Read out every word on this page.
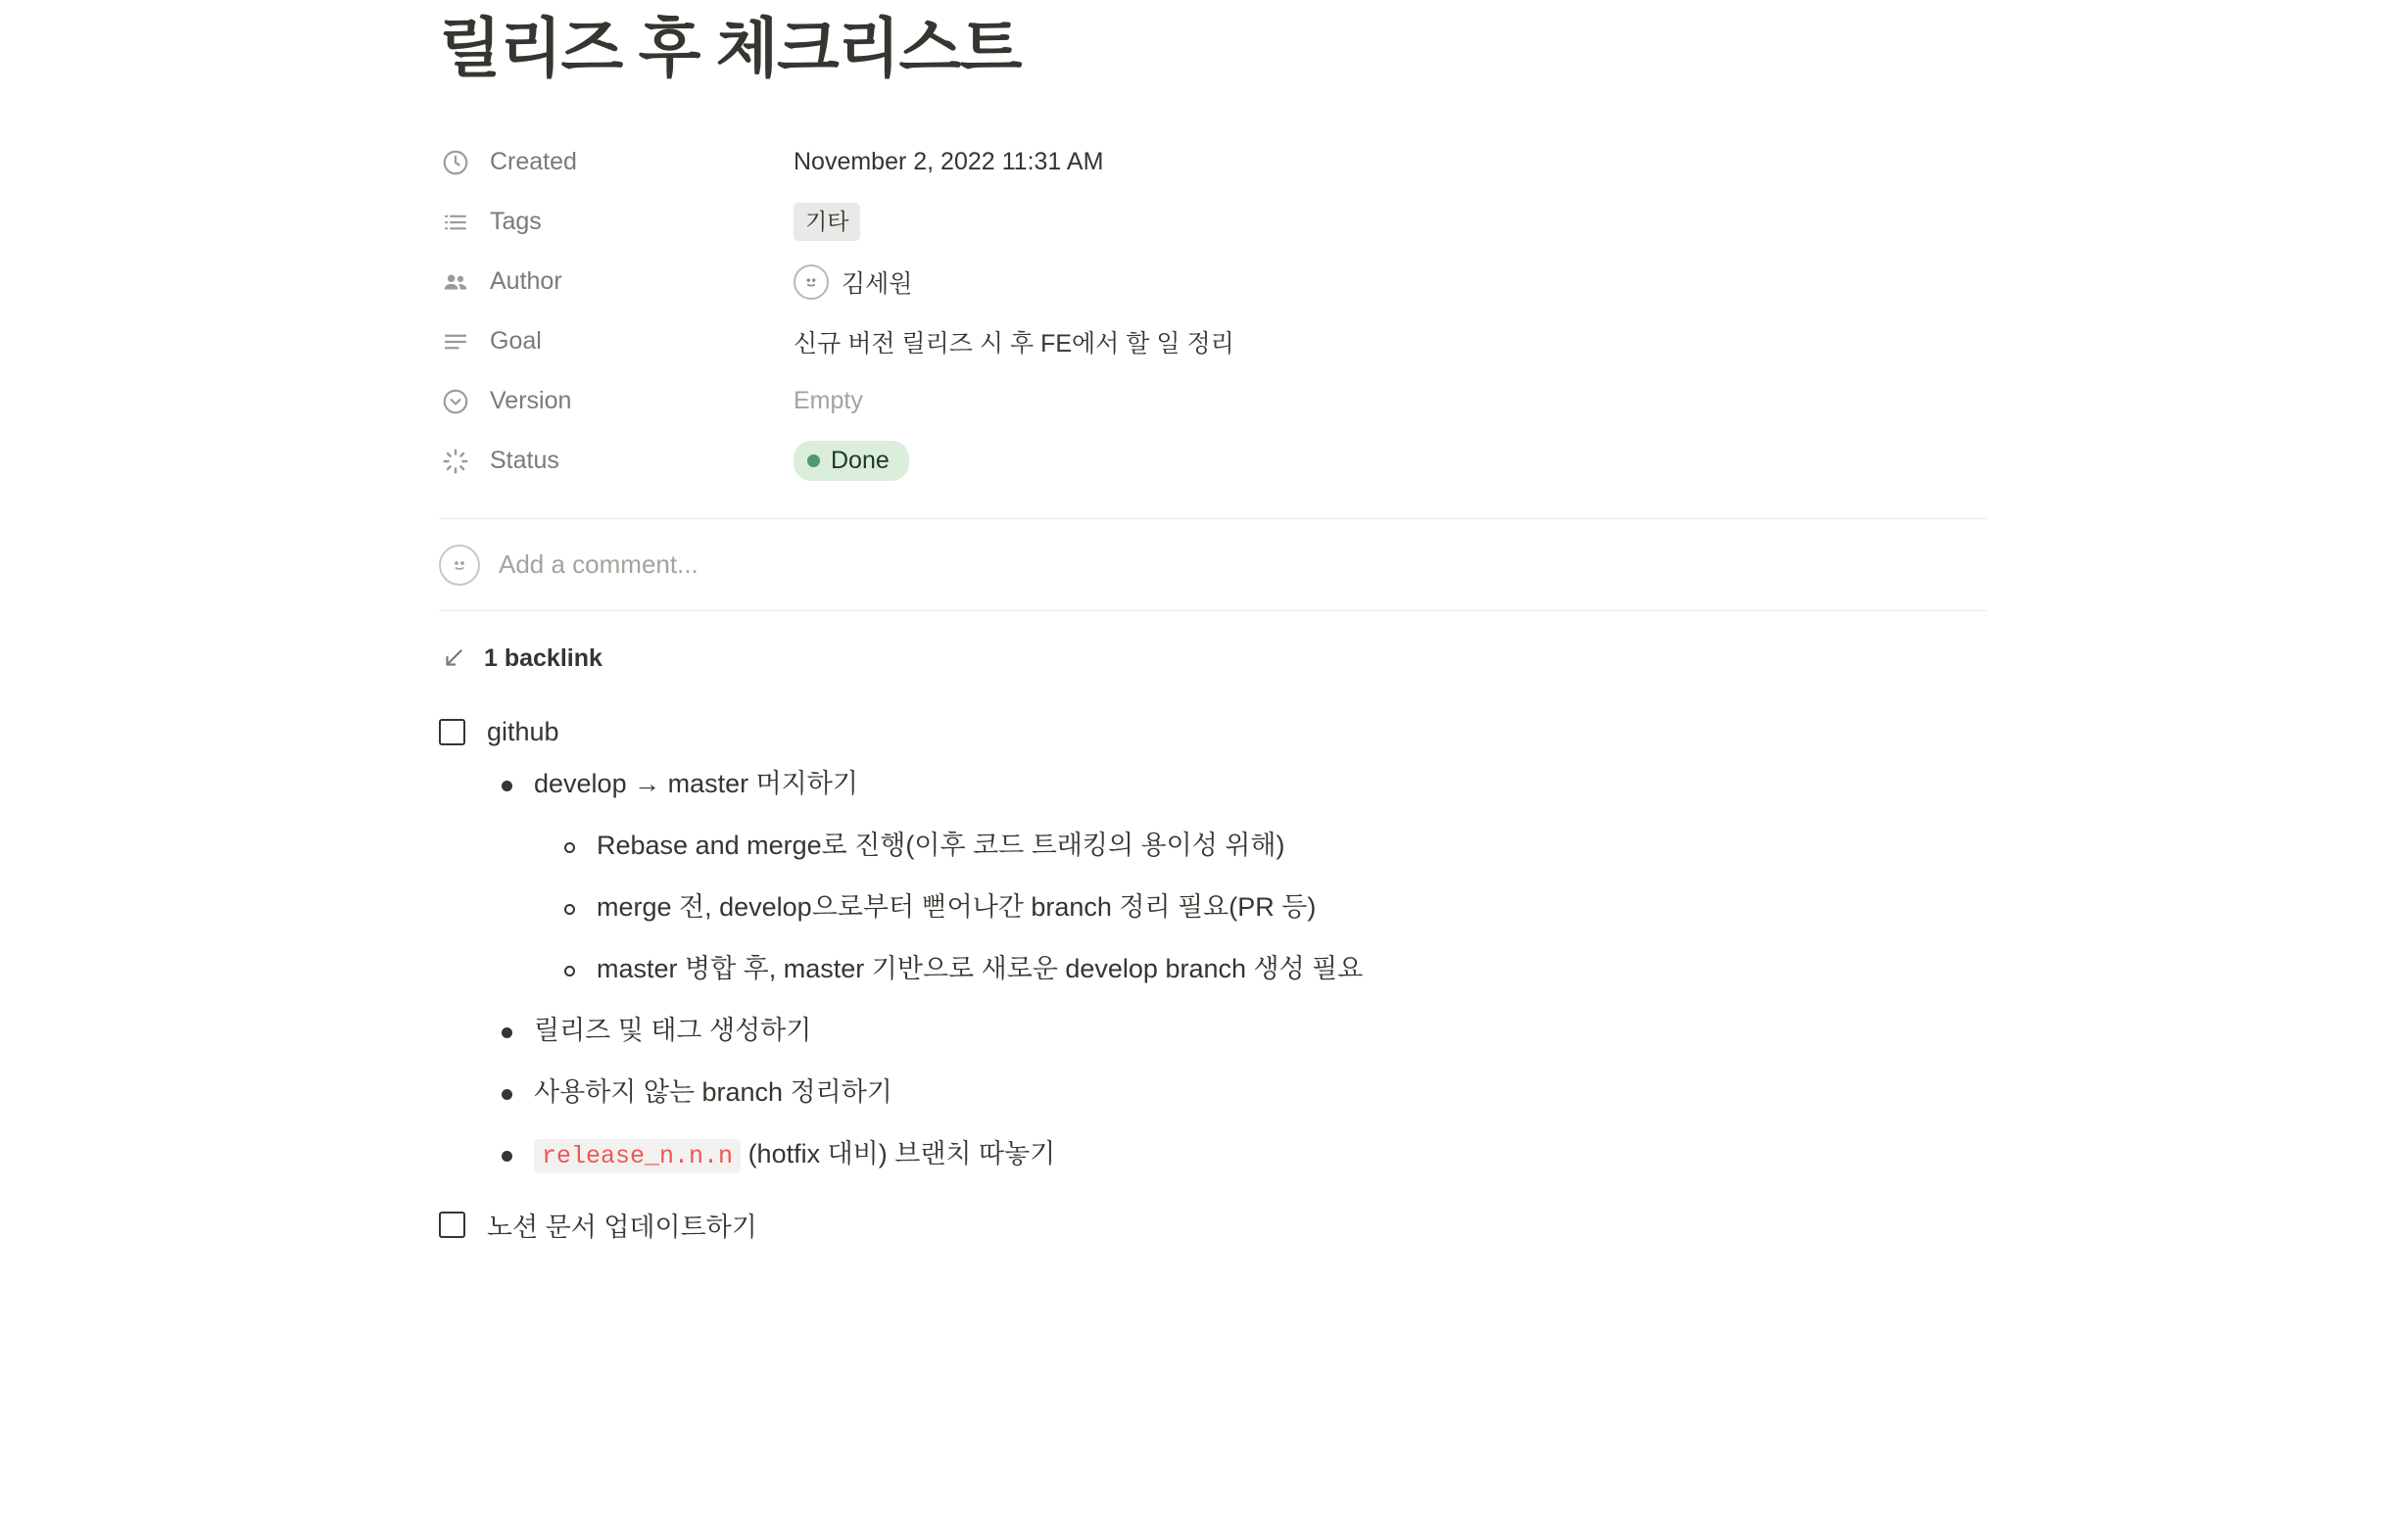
릴리즈 후 체크리스트
Created	November 2, 2022 11:31 AM
Tags	기타
Author	김세원
Goal	신규 버전 릴리즈 시 후 FE에서 할 일 정리
Version	Empty
Status	Done
Add a comment...
1 backlink
github
develop → master 머지하기
Rebase and merge로 진행(이후 코드 트래킹의 용이성 위해)
merge 전, develop으로부터 뻗어나간 branch 정리 필요(PR 등)
master 병합 후, master 기반으로 새로운 develop branch 생성 필요
릴리즈 및 태그 생성하기
사용하지 않는 branch 정리하기
release_n.n.n (hotfix 대비) 브랜치 따놓기
노션 문서 업데이트하기
